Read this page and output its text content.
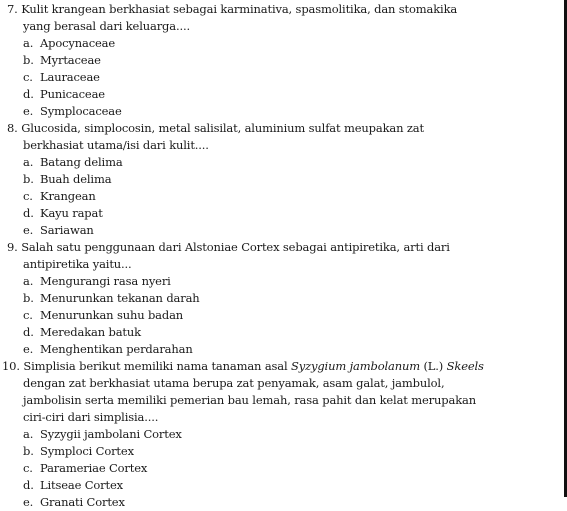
7. Kulit krangean berkhasiat sebagai karminativa, spasmolitika, dan stomakika
yang berasal dari keluarga....
a. Apocynaceae
b. Myrtaceae
c. Lauraceae
d. Punicaceae
e. Symplocaceae
8. Glucosida, simplocosin, metal salisilat, aluminium sulfat meupakan zat
berkhasiat utama/isi dari kulit....
a. Batang delima
b. Buah delima
c. Krangean
d. Kayu rapat
e. Sariawan
9. Salah satu penggunaan dari Alstoniae Cortex sebagai antipiretika, arti dari
antipiretika yaitu...
a. Mengurangi rasa nyeri
b. Menurunkan tekanan darah
c. Menurunkan suhu badan
d. Meredakan batuk
e. Menghentikan perdarahan
10. Simplisia berikut memiliki nama tanaman asal Syzygium jambolanum (L.) Skeels
dengan zat berkhasiat utama berupa zat penyamak, asam galat, jambulol,
jambolisin serta memiliki pemerian bau lemah, rasa pahit dan kelat merupakan
ciri-ciri dari simplisia....
a. Syzygii jambolani Cortex
b. Symploci Cortex
c. Parameriae Cortex
d. Litseae Cortex
e. Granati Cortex
